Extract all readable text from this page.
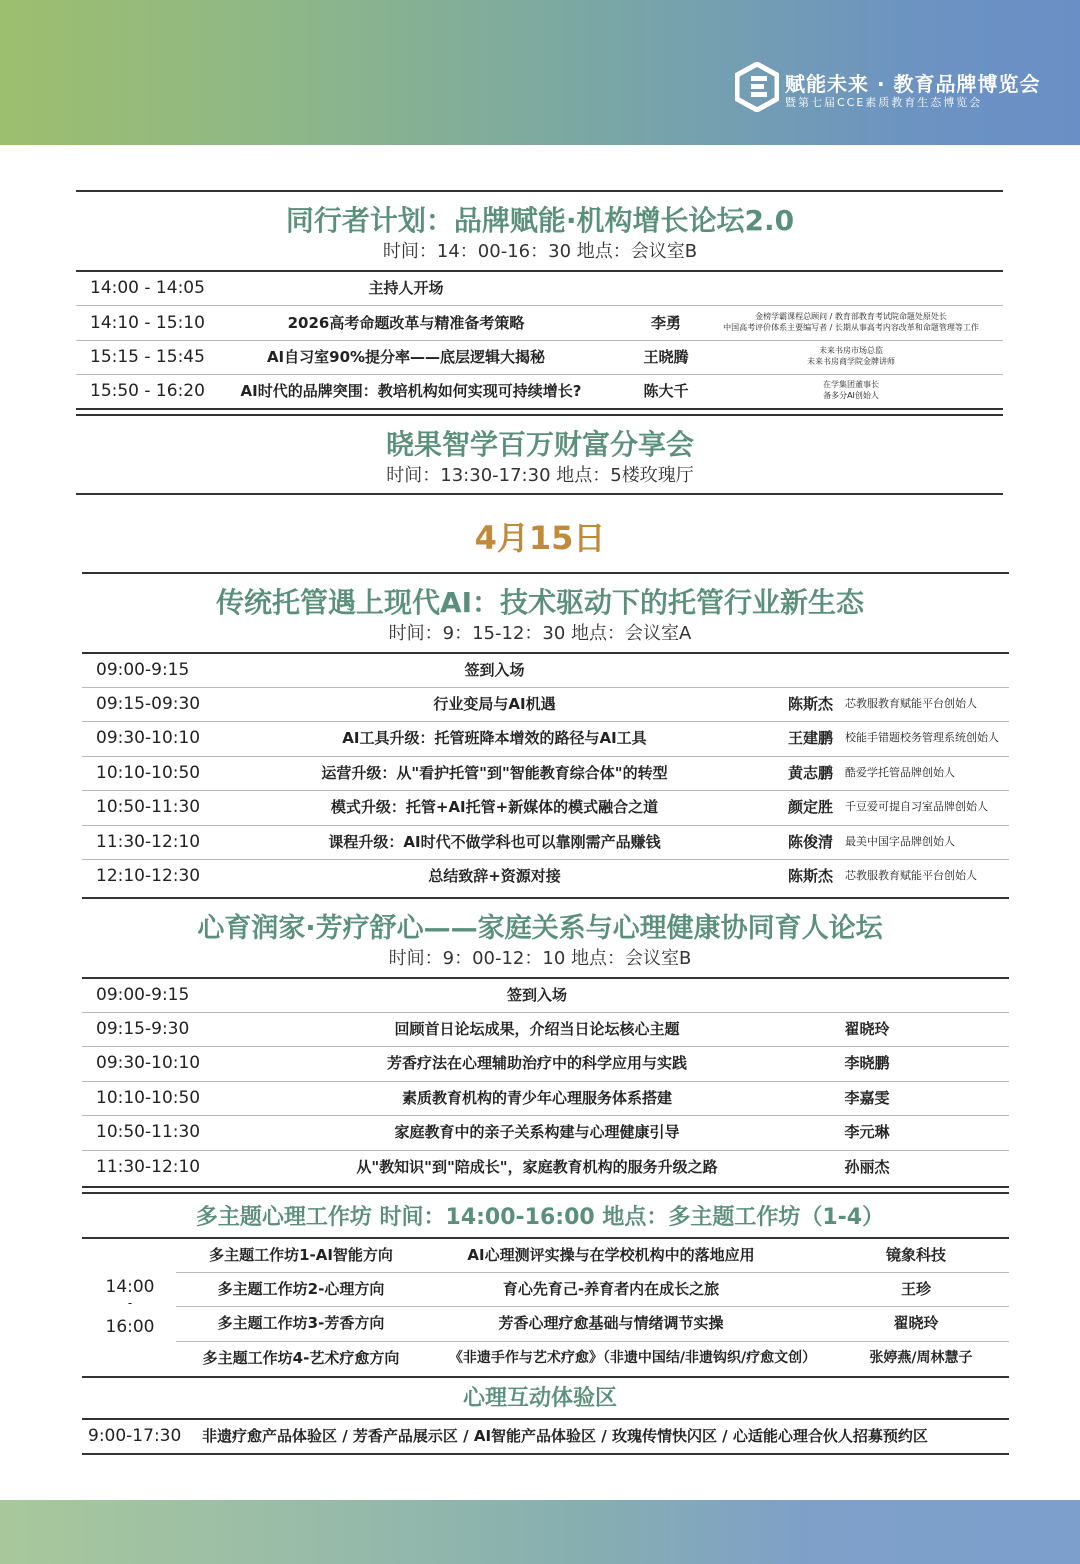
赋能未来 · 教育品牌博览会
暨第七届CCE素质教育生态博览会
同行者计划：品牌赋能·机构增长论坛2.0
时间：14：00-16：30 地点：会议室B
14:00 - 14:05	主持人开场
14:10 - 15:10	2026高考命题改革与精准备考策略	李勇	金榜学霸课程总顾问 / 教育部教育考试院命题处原处长
中国高考评价体系主要编写者 / 长期从事高考内容改革和命题管理等工作
15:15 - 15:45	AI自习室90%提分率——底层逻辑大揭秘	王晓腾	未来书房市场总监
未来书房商学院金牌讲师
15:50 - 16:20	AI时代的品牌突围：教培机构如何实现可持续增长?	陈大千	在学集团董事长
备多分AI创始人
晓果智学百万财富分享会
时间：13:30-17:30 地点：5楼玫瑰厅
4月15日
传统托管遇上现代AI：技术驱动下的托管行业新生态
时间：9：15-12：30 地点：会议室A
09:00-9:15	签到入场
09:15-09:30	行业变局与AI机遇	陈斯杰	芯教服教育赋能平台创始人
09:30-10:10	AI工具升级：托管班降本增效的路径与AI工具	王建鹏	校能手错题校务管理系统创始人
10:10-10:50	运营升级：从"看护托管"到"智能教育综合体"的转型	黄志鹏	酷爱学托管品牌创始人
10:50-11:30	模式升级：托管+AI托管+新媒体的模式融合之道	颜定胜	千豆爱可提自习室品牌创始人
11:30-12:10	课程升级：AI时代不做学科也可以靠刚需产品赚钱	陈俊清	最美中国字品牌创始人
12:10-12:30	总结致辞+资源对接	陈斯杰	芯教服教育赋能平台创始人
心育润家·芳疗舒心——家庭关系与心理健康协同育人论坛
时间：9：00-12：10 地点：会议室B
09:00-9:15	签到入场
09:15-9:30	回顾首日论坛成果，介绍当日论坛核心主题	翟晓玲
09:30-10:10	芳香疗法在心理辅助治疗中的科学应用与实践	李晓鹏
10:10-10:50	素质教育机构的青少年心理服务体系搭建	李嘉雯
10:50-11:30	家庭教育中的亲子关系构建与心理健康引导	李元琳
11:30-12:10	从"教知识"到"陪成长"，家庭教育机构的服务升级之路	孙丽杰
多主题心理工作坊 时间：14:00-16:00 地点：多主题工作坊（1-4）
14:00
-
16:00
多主题工作坊1-AI智能方向	AI心理测评实操与在学校机构中的落地应用	镜象科技
多主题工作坊2-心理方向	育心先育己-养育者内在成长之旅	王珍
多主题工作坊3-芳香方向	芳香心理疗愈基础与情绪调节实操	翟晓玲
多主题工作坊4-艺术疗愈方向	《非遗手作与艺术疗愈》（非遗中国结/非遗钩织/疗愈文创）	张婷燕/周林慧子
心理互动体验区
9:00-17:30	非遗疗愈产品体验区 / 芳香产品展示区 / AI智能产品体验区 / 玫瑰传情快闪区 / 心适能心理合伙人招募预约区
